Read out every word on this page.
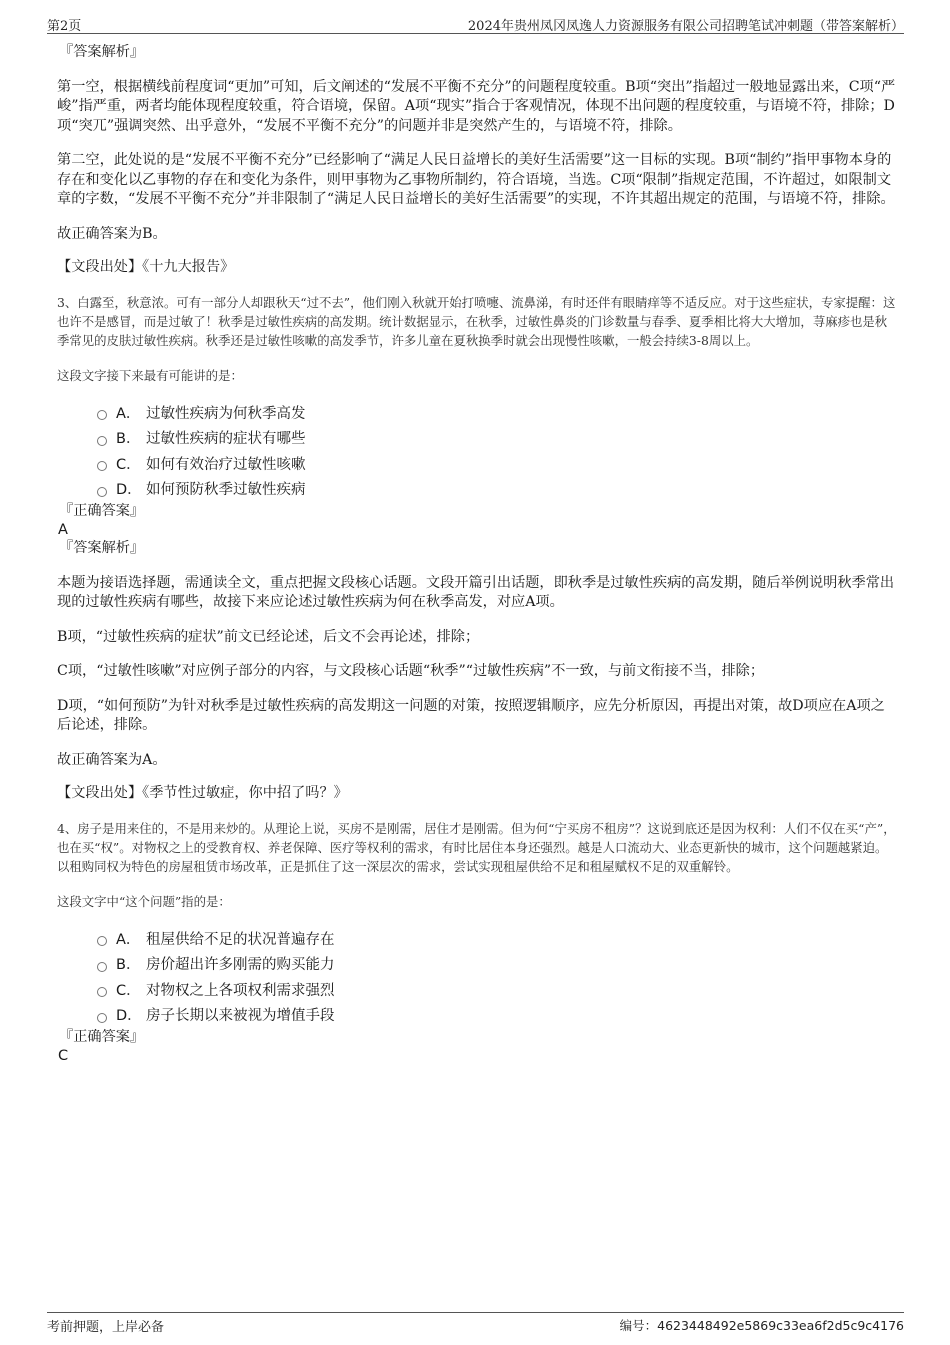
第2页	2024年贵州凤冈凤逸人力资源服务有限公司招聘笔试冲刺题（带答案解析）

『答案解析』

第一空，根据横线前程度词“更加”可知，后文阐述的“发展不平衡不充分”的问题程度较重。B项“突出”指超过一般地显露出来，C项“严峻”指严重，两者均能体现程度较重，符合语境，保留。A项“现实”指合于客观情况，体现不出问题的程度较重，与语境不符，排除；D项“突兀”强调突然、出乎意外，“发展不平衡不充分”的问题并非是突然产生的，与语境不符，排除。

第二空，此处说的是“发展不平衡不充分”已经影响了“满足人民日益增长的美好生活需要”这一目标的实现。B项“制约”指甲事物本身的存在和变化以乙事物的存在和变化为条件，则甲事物为乙事物所制约，符合语境，当选。C项“限制”指规定范围，不许超过，如限制文章的字数，“发展不平衡不充分”并非限制了“满足人民日益增长的美好生活需要”的实现，不许其超出规定的范围，与语境不符，排除。

故正确答案为B。

【文段出处】《十九大报告》

3、白露至，秋意浓。可有一部分人却跟秋天“过不去”，他们刚入秋就开始打喷嚏、流鼻涕，有时还伴有眼睛痒等不适反应。对于这些症状，专家提醒：这也许不是感冒，而是过敏了！秋季是过敏性疾病的高发期。统计数据显示，在秋季，过敏性鼻炎的门诊数量与春季、夏季相比将大大增加，荨麻疹也是秋季常见的皮肤过敏性疾病。秋季还是过敏性咳嗽的高发季节，许多儿童在夏秋换季时就会出现慢性咳嗽，一般会持续3-8周以上。

这段文字接下来最有可能讲的是：

A． 过敏性疾病为何秋季高发
B． 过敏性疾病的症状有哪些
C． 如何有效治疗过敏性咳嗽
D． 如何预防秋季过敏性疾病

『正确答案』

A

『答案解析』

本题为接语选择题，需通读全文，重点把握文段核心话题。文段开篇引出话题，即秋季是过敏性疾病的高发期，随后举例说明秋季常出现的过敏性疾病有哪些，故接下来应论述过敏性疾病为何在秋季高发，对应A项。

B项，“过敏性疾病的症状”前文已经论述，后文不会再论述，排除；

C项，“过敏性咳嗽”对应例子部分的内容，与文段核心话题“秋季”“过敏性疾病”不一致，与前文衔接不当，排除；

D项，“如何预防”为针对秋季是过敏性疾病的高发期这一问题的对策，按照逻辑顺序，应先分析原因，再提出对策，故D项应在A项之后论述，排除。

故正确答案为A。

【文段出处】《季节性过敏症，你中招了吗？》

4、房子是用来住的，不是用来炒的。从理论上说，买房不是刚需，居住才是刚需。但为何“宁买房不租房”？这说到底还是因为权利：人们不仅在买“产”，也在买“权”。对物权之上的受教育权、养老保障、医疗等权利的需求，有时比居住本身还强烈。越是人口流动大、业态更新快的城市，这个问题越紧迫。以租购同权为特色的房屋租赁市场改革，正是抓住了这一深层次的需求，尝试实现租屋供给不足和租屋赋权不足的双重解铃。

这段文字中“这个问题”指的是：

A． 租屋供给不足的状况普遍存在
B． 房价超出许多刚需的购买能力
C． 对物权之上各项权利需求强烈
D． 房子长期以来被视为增值手段

『正确答案』

C

考前押题，上岸必备	编号：4623448492e5869c33ea6f2d5c9c4176
